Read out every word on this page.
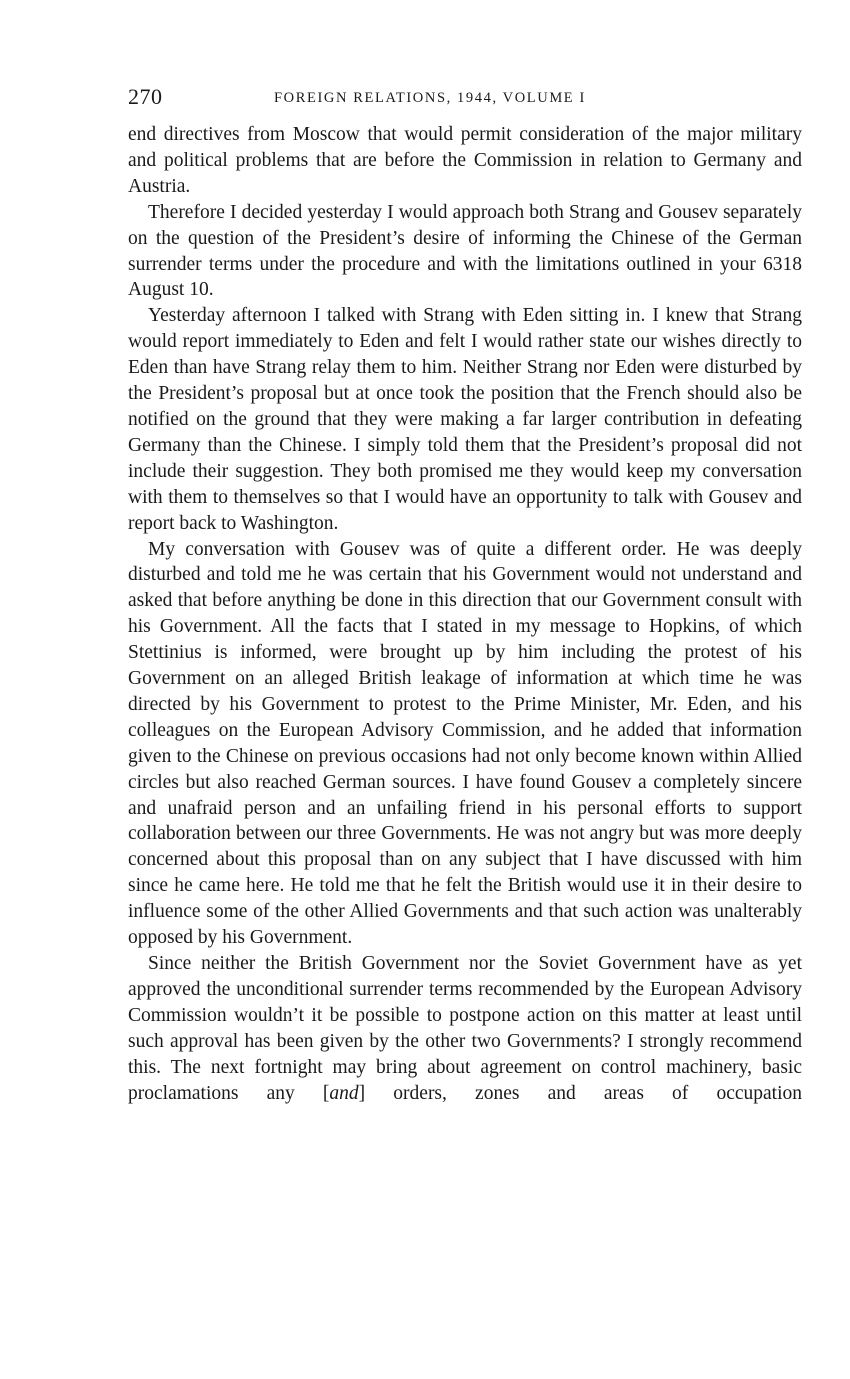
270	FOREIGN RELATIONS, 1944, VOLUME I

end directives from Moscow that would permit consideration of the major military and political problems that are before the Commission in relation to Germany and Austria.

Therefore I decided yesterday I would approach both Strang and Gousev separately on the question of the President’s desire of informing the Chinese of the German surrender terms under the procedure and with the limitations outlined in your 6318 August 10.

Yesterday afternoon I talked with Strang with Eden sitting in. I knew that Strang would report immediately to Eden and felt I would rather state our wishes directly to Eden than have Strang relay them to him. Neither Strang nor Eden were disturbed by the President’s proposal but at once took the position that the French should also be notified on the ground that they were making a far larger contribution in defeating Germany than the Chinese. I simply told them that the President’s proposal did not include their suggestion. They both promised me they would keep my conversation with them to themselves so that I would have an opportunity to talk with Gousev and report back to Washington.

My conversation with Gousev was of quite a different order. He was deeply disturbed and told me he was certain that his Government would not understand and asked that before anything be done in this direction that our Government consult with his Government. All the facts that I stated in my message to Hopkins, of which Stettinius is informed, were brought up by him including the protest of his Government on an alleged British leakage of information at which time he was directed by his Government to protest to the Prime Minister, Mr. Eden, and his colleagues on the European Advisory Commission, and he added that information given to the Chinese on previous occasions had not only become known within Allied circles but also reached German sources. I have found Gousev a completely sincere and unafraid person and an unfailing friend in his personal efforts to support collaboration between our three Governments. He was not angry but was more deeply concerned about this proposal than on any subject that I have discussed with him since he came here. He told me that he felt the British would use it in their desire to influence some of the other Allied Governments and that such action was unalterably opposed by his Government.

Since neither the British Government nor the Soviet Government have as yet approved the unconditional surrender terms recommended by the European Advisory Commission wouldn’t it be possible to postpone action on this matter at least until such approval has been given by the other two Governments? I strongly recommend this. The next fortnight may bring about agreement on control machinery, basic proclamations any [and] orders, zones and areas of occupation
